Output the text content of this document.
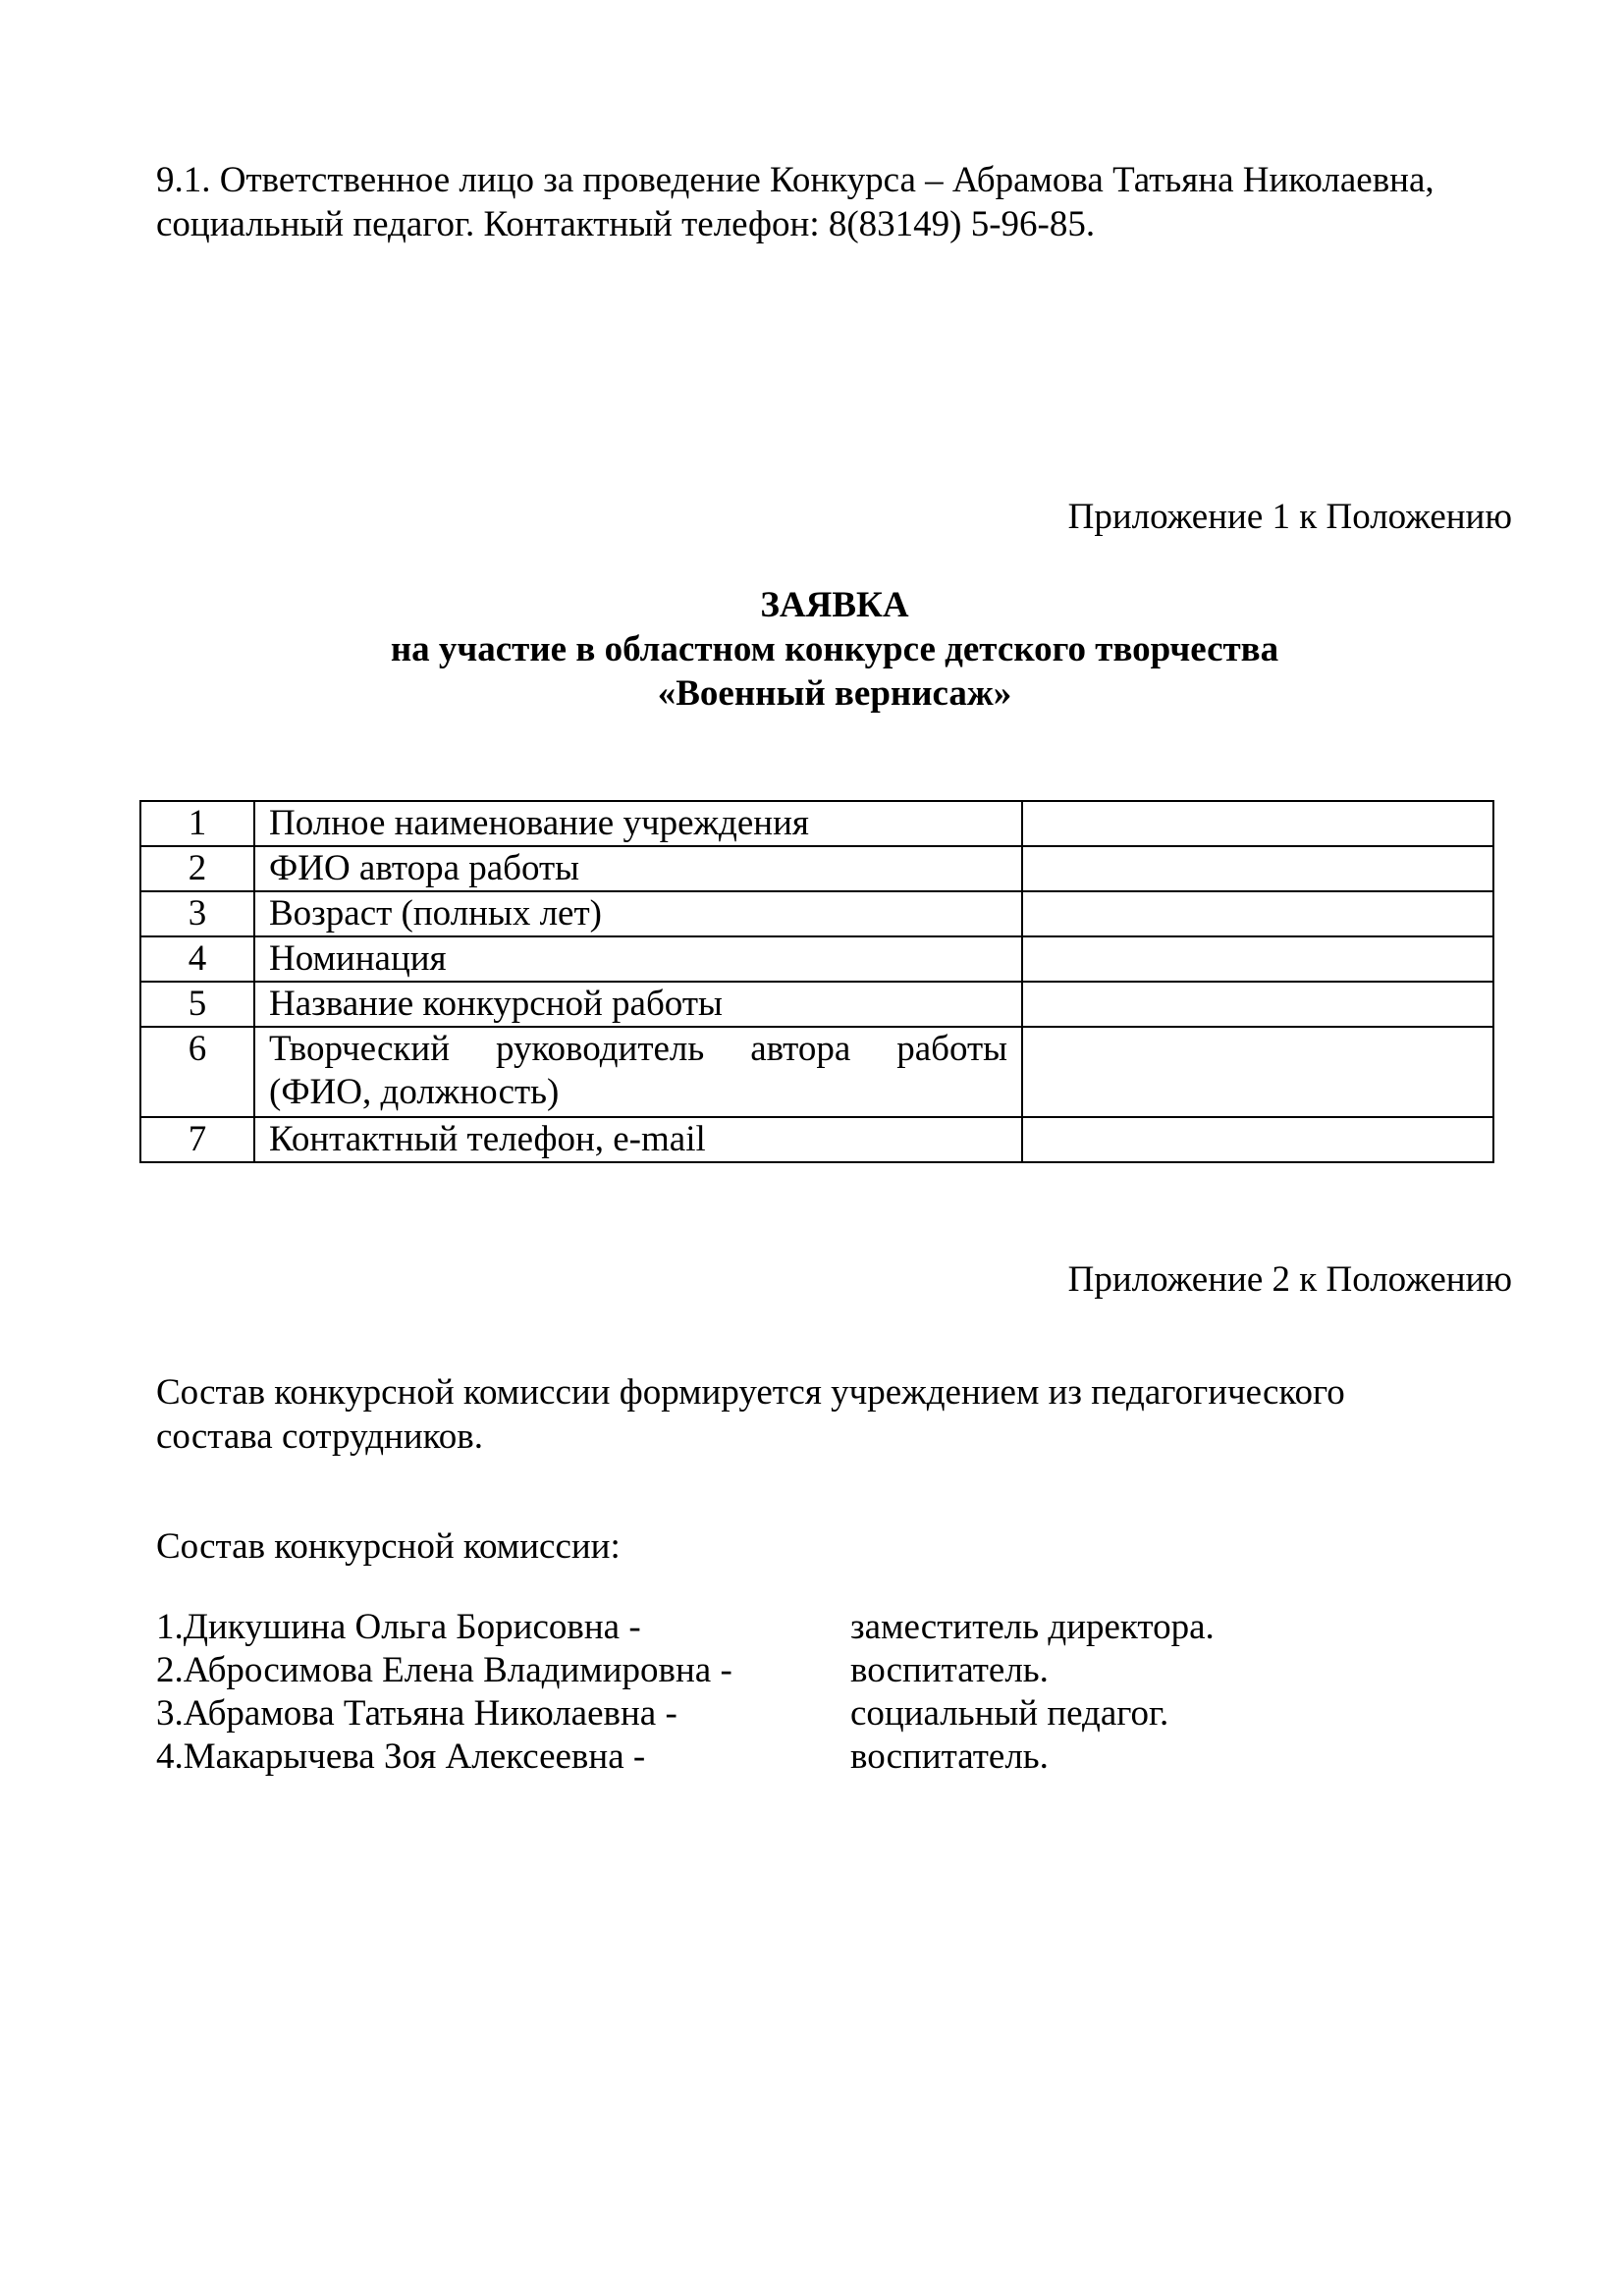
9.1. Ответственное лицо за проведение Конкурса – Абрамова Татьяна Николаевна,
социальный педагог. Контактный телефон: 8(83149) 5-96-85.
Приложение 1 к Положению
ЗАЯВКА
на участие в областном конкурсе детского творчества
«Военный вернисаж»
1	Полное наименование учреждения	
2	ФИО автора работы	
3	Возраст (полных лет)	
4	Номинация	
5	Название конкурсной работы	
6	Творческий руководитель автора работы (ФИО, должность)	
7	Контактный телефон, e-mail	
Приложение 2 к Положению
Состав конкурсной комиссии формируется учреждением из педагогического
состава сотрудников.
Состав конкурсной комиссии:
1.Дикушина Ольга Борисовна -	заместитель директора.
2.Абросимова Елена Владимировна -	воспитатель.
3.Абрамова Татьяна Николаевна -	социальный педагог.
4.Макарычева Зоя Алексеевна -	воспитатель.
